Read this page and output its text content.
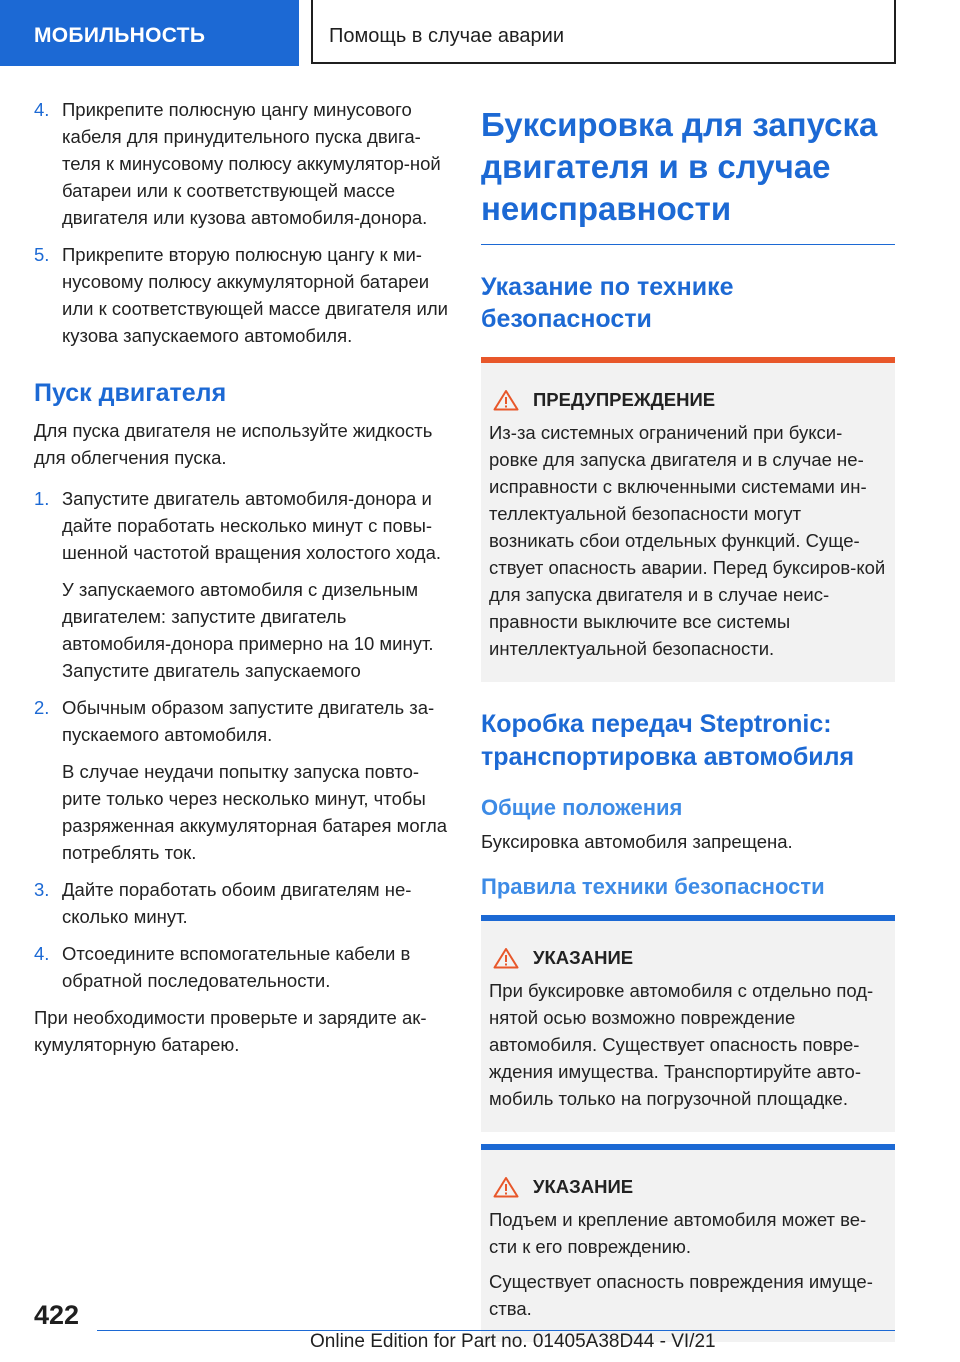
МОБИЛЬНОСТЬ	Помощь в случае аварии
4. Прикрепите полюсную цангу минусового кабеля для принудительного пуска двига-теля к минусовому полюсу аккумулятор-ной батареи или к соответствующей массе двигателя или кузова автомобиля-донора.

5. Прикрепите вторую полюсную цангу к ми-нусовому полюсу аккумуляторной батареи или к соответствующей массе двигателя или кузова запускаемого автомобиля.

Пуск двигателя

Для пуска двигателя не используйте жидкость для облегчения пуска.

1. Запустите двигатель автомобиля-донора и дайте поработать несколько минут с повы-шенной частотой вращения холостого хода.

У запускаемого автомобиля с дизельным двигателем: запустите двигатель автомобиля-донора примерно на 10 минут. Запустите двигатель запускаемого

2. Обычным образом запустите двигатель за-пускаемого автомобиля.

В случае неудачи попытку запуска повто-рите только через несколько минут, чтобы разряженная аккумуляторная батарея могла потреблять ток.

3. Дайте поработать обоим двигателям не-сколько минут.

4. Отсоедините вспомогательные кабели в обратной последовательности.

При необходимости проверьте и зарядите ак-кумуляторную батарею.

Буксировка для запуска двигателя и в случае неисправности
Указание по технике безопасности
ПРЕДУПРЕЖДЕНИЕ

Из-за системных ограничений при букси-ровке для запуска двигателя и в случае не-исправности с включенными системами ин-теллектуальной безопасности могут возникать сбои отдельных функций. Суще-ствует опасность аварии. Перед буксиров-кой для запуска двигателя и в случае неис-правности выключите все системы интеллектуальной безопасности.

Коробка передач Steptronic: транспортировка автомобиля
Общие положения

Буксировка автомобиля запрещена.

Правила техники безопасности
УКАЗАНИЕ

При буксировке автомобиля с отдельно под-нятой осью возможно повреждение автомобиля. Существует опасность повре-ждения имущества. Транспортируйте авто-мобиль только на погрузочной площадке.

УКАЗАНИЕ

Подъем и крепление автомобиля может ве-сти к его повреждению.

Существует опасность повреждения имуще-ства.

422
Online Edition for Part no. 01405A38D44 - VI/21
